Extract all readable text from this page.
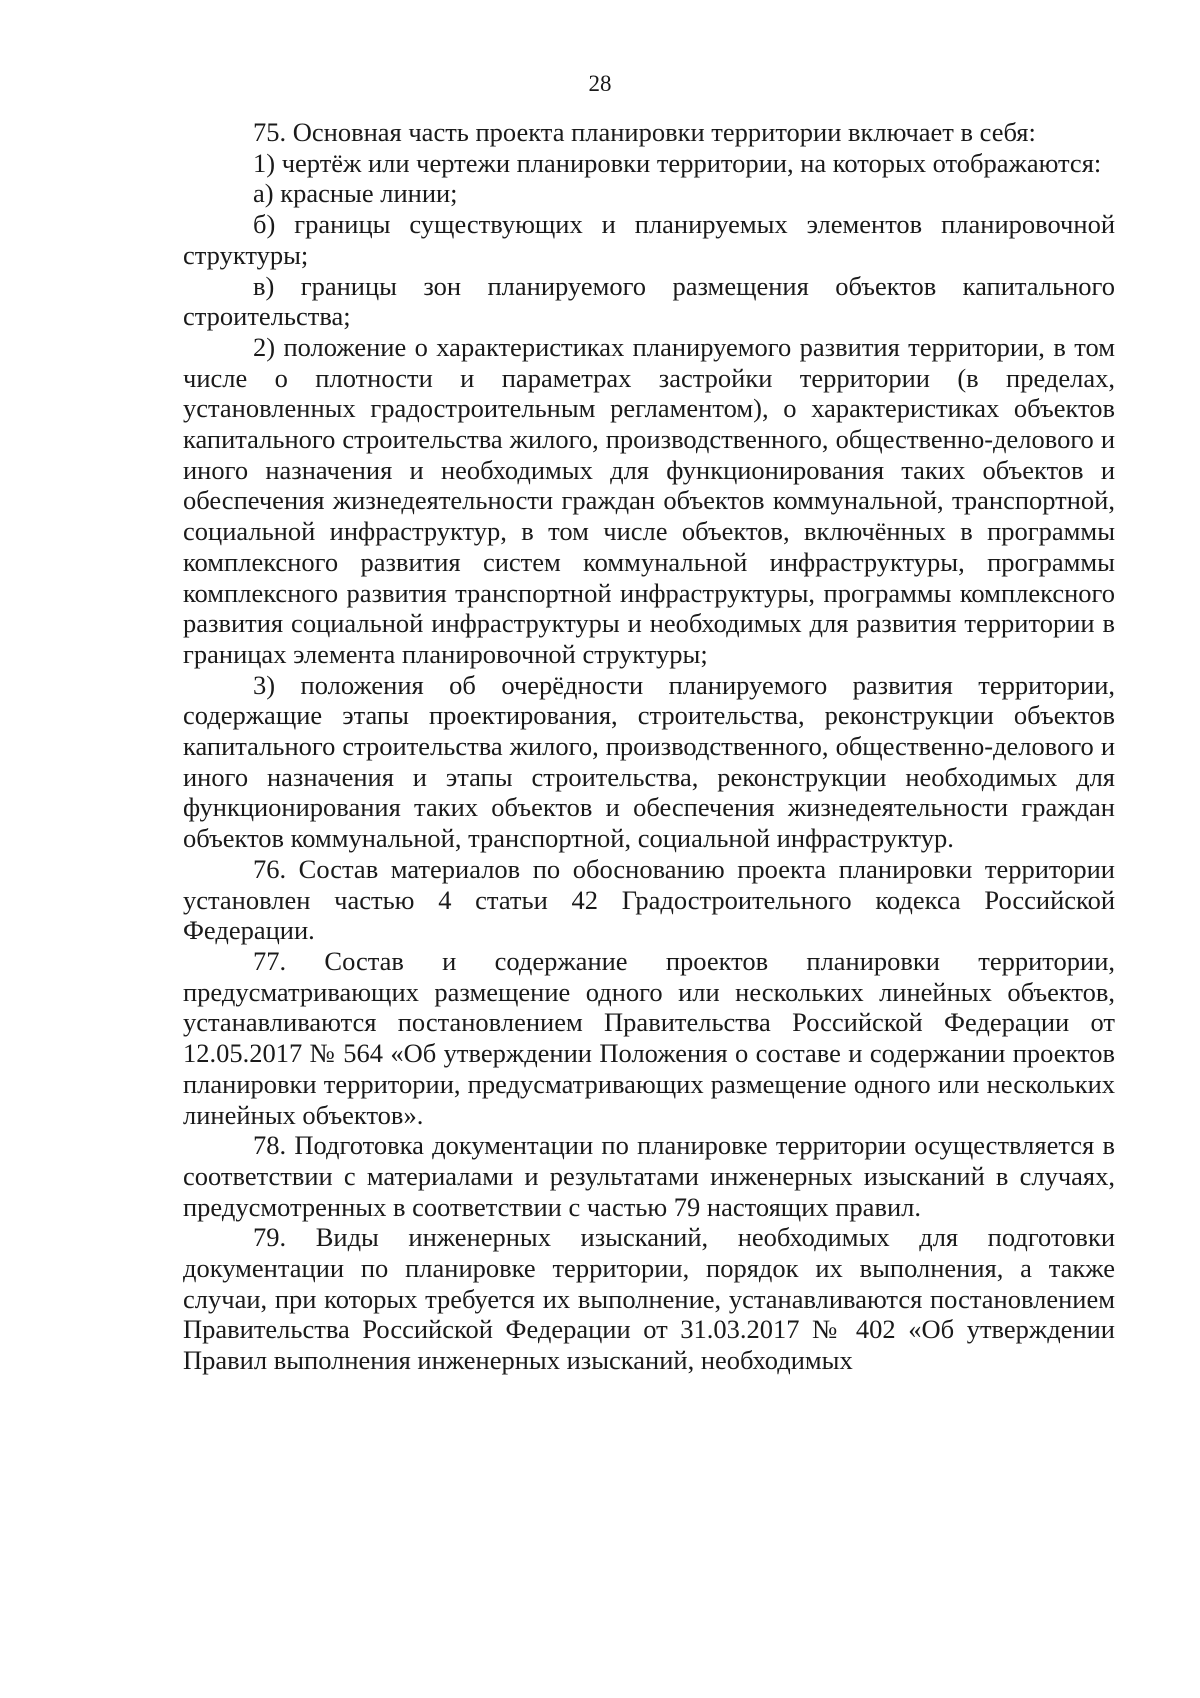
28

75. Основная часть проекта планировки территории включает в себя:

1) чертёж или чертежи планировки территории, на которых отображаются:

а) красные линии;

б) границы существующих и планируемых элементов планировочной структуры;

в) границы зон планируемого размещения объектов капитального строительства;

2) положение о характеристиках планируемого развития территории, в том числе о плотности и параметрах застройки территории (в пределах, установленных градостроительным регламентом), о характеристиках объектов капитального строительства жилого, производственного, общественно-делового и иного назначения и необходимых для функционирования таких объектов и обеспечения жизнедеятельности граждан объектов коммунальной, транспортной, социальной инфраструктур, в том числе объектов, включённых в программы комплексного развития систем коммунальной инфраструктуры, программы комплексного развития транспортной инфраструктуры, программы комплексного развития социальной инфраструктуры и необходимых для развития территории в границах элемента планировочной структуры;

3) положения об очерёдности планируемого развития территории, содержащие этапы проектирования, строительства, реконструкции объектов капитального строительства жилого, производственного, общественно-делового и иного назначения и этапы строительства, реконструкции необходимых для функционирования таких объектов и обеспечения жизнедеятельности граждан объектов коммунальной, транспортной, социальной инфраструктур.

76. Состав материалов по обоснованию проекта планировки территории установлен частью 4 статьи 42 Градостроительного кодекса Российской Федерации.

77. Состав и содержание проектов планировки территории, предусматривающих размещение одного или нескольких линейных объектов, устанавливаются постановлением Правительства Российской Федерации от 12.05.2017 № 564 «Об утверждении Положения о составе и содержании проектов планировки территории, предусматривающих размещение одного или нескольких линейных объектов».

78. Подготовка документации по планировке территории осуществляется в соответствии с материалами и результатами инженерных изысканий в случаях, предусмотренных в соответствии с частью 79 настоящих правил.

79. Виды инженерных изысканий, необходимых для подготовки документации по планировке территории, порядок их выполнения, а также случаи, при которых требуется их выполнение, устанавливаются постановлением Правительства Российской Федерации от 31.03.2017 № 402 «Об утверждении Правил выполнения инженерных изысканий, необходимых
